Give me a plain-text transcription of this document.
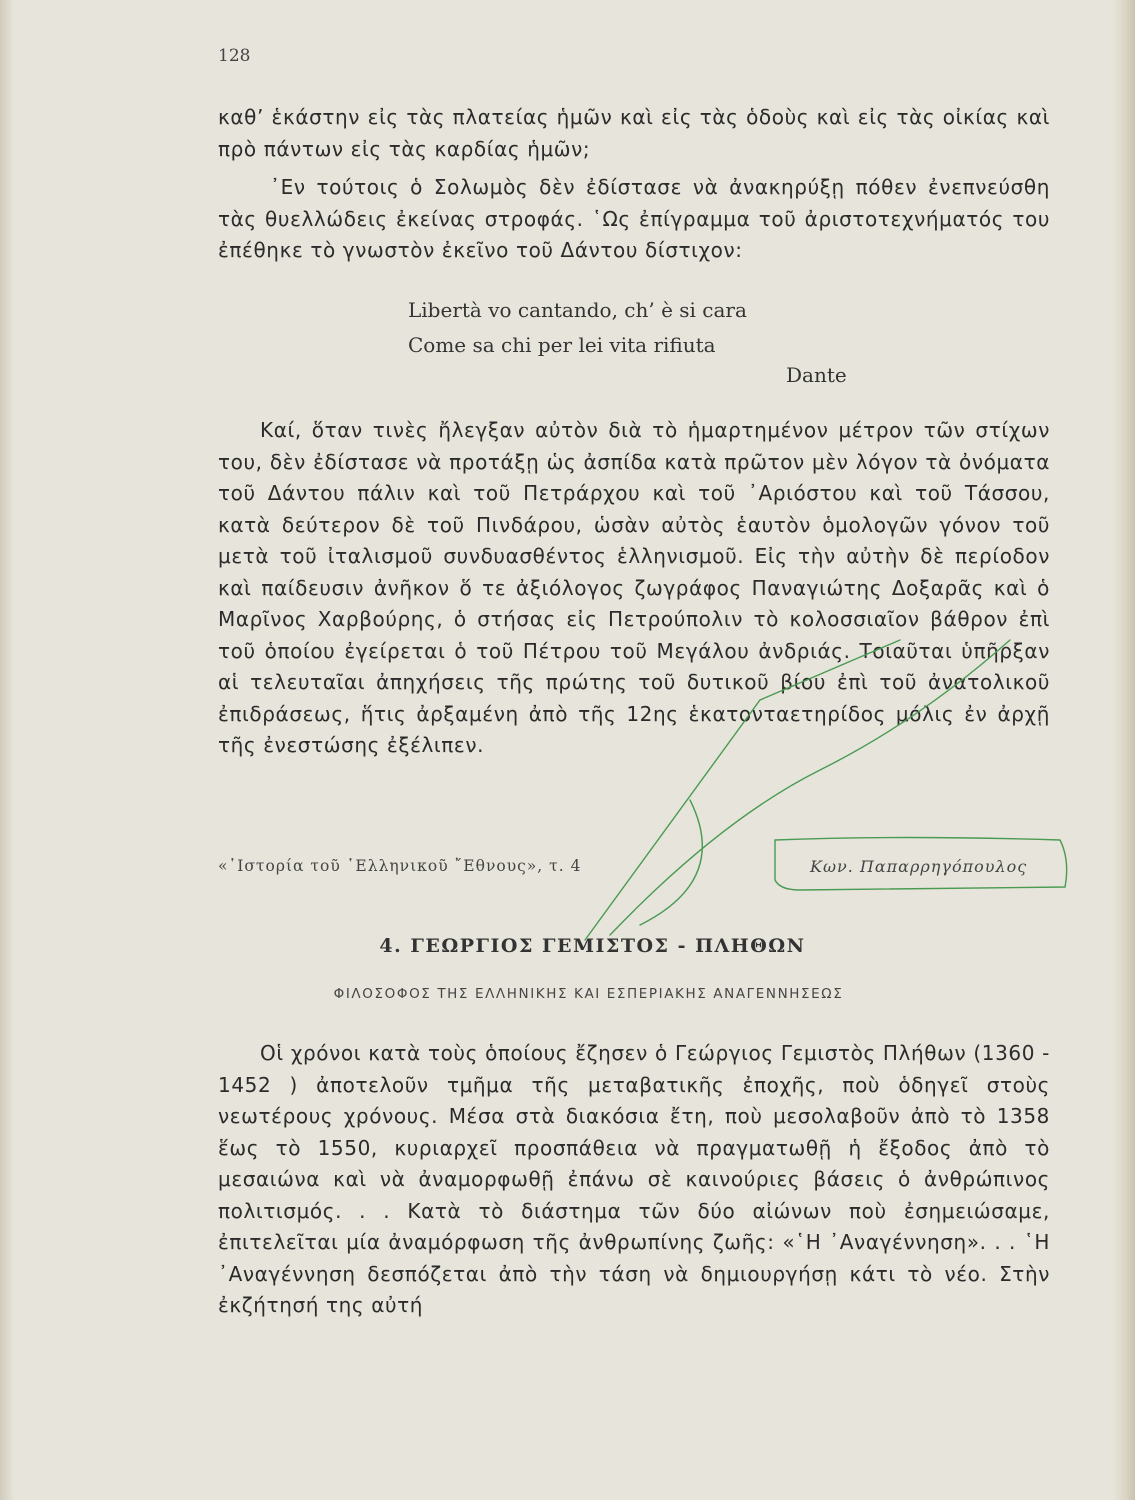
128
καθ’ ἑκάστην εἰς τὰς πλατείας ἡμῶν καὶ εἰς τὰς ὁδοὺς καὶ εἰς τὰς οἰκίας καὶ πρὸ πάντων εἰς τὰς καρδίας ἡμῶν;
᾽Εν τούτοις ὁ Σολωμὸς δὲν ἐδίστασε νὰ ἀνακηρύξῃ πόθεν ἐνεπνεύσθη τὰς θυελλώδεις ἐκείνας στροφάς. ῾Ως ἐπίγραμμα τοῦ ἀριστοτεχνήματός του ἐπέθηκε τὸ γνωστὸν ἐκεῖνο τοῦ Δάντου δίστιχον:
Libertà vo cantando, ch’ è si cara
Come sa chi per lei vita rifiuta
Dante
Καί, ὅταν τινὲς ἤλεγξαν αὐτὸν διὰ τὸ ἡμαρτημένον μέτρον τῶν στίχων του, δὲν ἐδίστασε νὰ προτάξῃ ὡς ἀσπίδα κατὰ πρῶτον μὲν λόγον τὰ ὀνόματα τοῦ Δάντου πάλιν καὶ τοῦ Πετράρχου καὶ τοῦ ᾽Αριόστου καὶ τοῦ Τάσσου, κατὰ δεύτερον δὲ τοῦ Πινδάρου, ὡσὰν αὐτὸς ἑαυτὸν ὁμολογῶν γόνον τοῦ μετὰ τοῦ ἰταλισμοῦ συνδυασθέντος ἑλληνισμοῦ. Εἰς τὴν αὐτὴν δὲ περίοδον καὶ παίδευσιν ἀνῆκον ὅ τε ἀξιόλογος ζωγράφος Παναγιώτης Δοξαρᾶς καὶ ὁ Μαρῖνος Χαρβούρης, ὁ στήσας εἰς Πετρούπολιν τὸ κολοσσιαῖον βάθρον ἐπὶ τοῦ ὁποίου ἐγείρεται ὁ τοῦ Πέτρου τοῦ Μεγάλου ἀνδριάς. Τοιαῦται ὑπῆρξαν αἱ τελευταῖαι ἀπηχήσεις τῆς πρώτης τοῦ δυτικοῦ βίου ἐπὶ τοῦ ἀνατολικοῦ ἐπιδράσεως, ἥτις ἀρξαμένη ἀπὸ τῆς 12ης ἑκατονταετηρίδος μόλις ἐν ἀρχῇ τῆς ἐνεστώσης ἐξέλιπεν.
«῾Ιστορία τοῦ ῾Ελληνικοῦ ῎Εθνους», τ. 4	Κων. Παπαρρηγόπουλος
4. ΓΕΩΡΓΙΟΣ ΓΕΜΙΣΤΟΣ - ΠΛΗΘΩΝ
ΦΙΛΟΣΟΦΟΣ ΤΗΣ ΕΛΛΗΝΙΚΗΣ ΚΑΙ ΕΣΠΕΡΙΑΚΗΣ ΑΝΑΓΕΝΝΗΣΕΩΣ
Οἱ χρόνοι κατὰ τοὺς ὁποίους ἔζησεν ὁ Γεώργιος Γεμιστὸς Πλήθων (1360 - 1452 ) ἀποτελοῦν τμῆμα τῆς μεταβατικῆς ἐποχῆς, ποὺ ὁδηγεῖ στοὺς νεωτέρους χρόνους. Μέσα στὰ διακόσια ἔτη, ποὺ μεσολαβοῦν ἀπὸ τὸ 1358 ἕως τὸ 1550, κυριαρχεῖ προσπάθεια νὰ πραγματωθῇ ἡ ἔξοδος ἀπὸ τὸ μεσαιώνα καὶ νὰ ἀναμορφωθῇ ἐπάνω σὲ καινούριες βάσεις ὁ ἀνθρώπινος πολιτισμός. . . Κατὰ τὸ διάστημα τῶν δύο αἰώνων ποὺ ἐσημειώσαμε, ἐπιτελεῖται μία ἀναμόρφωση τῆς ἀνθρωπίνης ζωῆς: «῾Η ᾽Αναγέννηση». . . ῾Η ᾽Αναγέννηση δεσπόζεται ἀπὸ τὴν τάση νὰ δημιουργήσῃ κάτι τὸ νέο. Στὴν ἐκζήτησή της αὐτή
